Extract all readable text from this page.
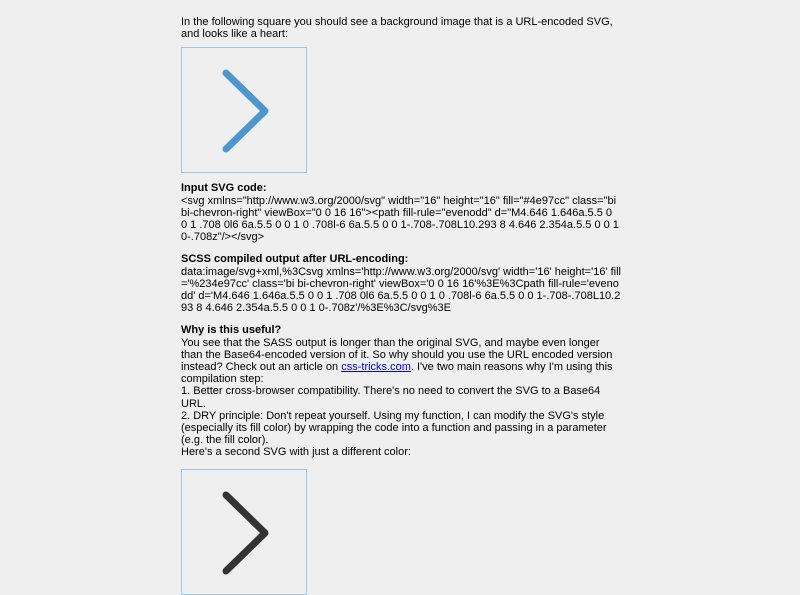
In the following square you should see a background image that is a URL-encoded SVG, and looks like a heart:

Input SVG code:

<svg xmlns="http://www.w3.org/2000/svg" width="16" height="16" fill="#4e97cc" class="bi bi-chevron-right" viewBox="0 0 16 16"><path fill-rule="evenodd" d="M4.646 1.646a.5.5 0 0 1 .708 0l6 6a.5.5 0 0 1 0 .708l-6 6a.5.5 0 0 1-.708-.708L10.293 8 4.646 2.354a.5.5 0 0 1 0-.708z"/></svg>

SCSS compiled output after URL-encoding:

data:image/svg+xml,%3Csvg xmlns='http://www.w3.org/2000/svg' width='16' height='16' fill='%234e97cc' class='bi bi-chevron-right' viewBox='0 0 16 16'%3E%3Cpath fill-rule='evenodd' d='M4.646 1.646a.5.5 0 0 1 .708 0l6 6a.5.5 0 0 1 0 .708l-6 6a.5.5 0 0 1-.708-.708L10.293 8 4.646 2.354a.5.5 0 0 1 0-.708z'/%3E%3C/svg%3E

Why is this useful?

You see that the SASS output is longer than the original SVG, and maybe even longer than the Base64-encoded version of it. So why should you use the URL encoded version instead? Check out an article on css-tricks.com. I've two main reasons why I'm using this compilation step:

1. Better cross-browser compatibility. There's no need to convert the SVG to a Base64 URL.

2. DRY principle: Don't repeat yourself. Using my function, I can modify the SVG's style (especially its fill color) by wrapping the code into a function and passing in a parameter (e.g. the fill color).

Here's a second SVG with just a different color:
